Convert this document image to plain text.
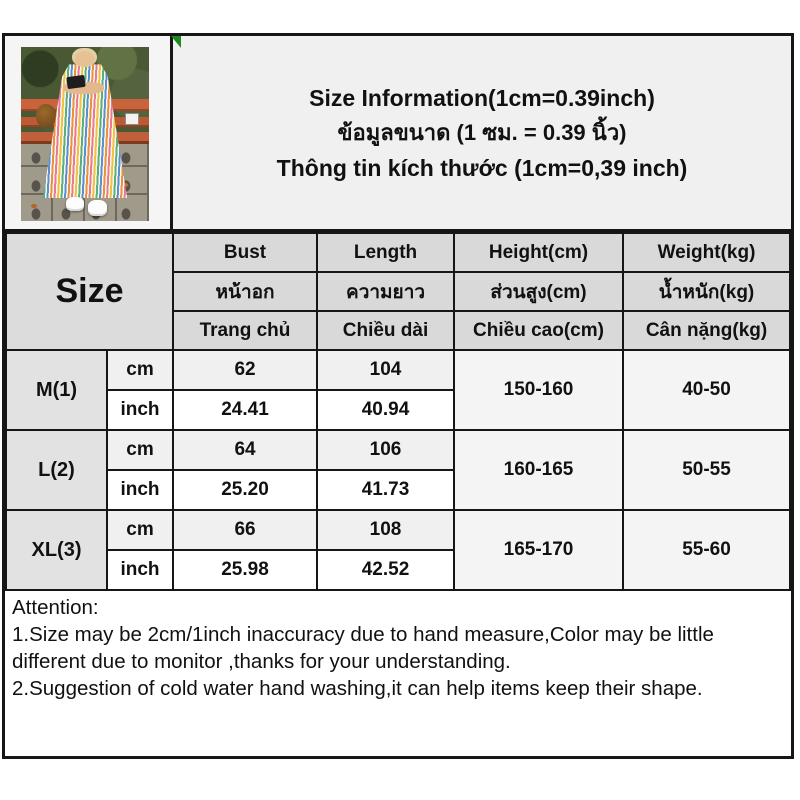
Size Information(1cm=0.39inch)
ข้อมูลขนาด (1 ซม. = 0.39 นิ้ว)
Thông tin kích thước (1cm=0,39 inch)
Size		Bust	Length	Height(cm)	Weight(kg)
		หน้าอก	ความยาว	ส่วนสูง(cm)	น้ำหนัก(kg)
		Trang chủ	Chiều dài	Chiều cao(cm)	Cân nặng(kg)
M(1)	cm	62	104	150-160	40-50
	inch	24.41	40.94		
L(2)	cm	64	106	160-165	50-55
	inch	25.20	41.73		
XL(3)	cm	66	108	165-170	55-60
	inch	25.98	42.52		
Attention:
1.Size may be 2cm/1inch inaccuracy due to hand measure,Color may be little different due to monitor ,thanks for your understanding.
2.Suggestion of cold water hand washing,it can help items keep their shape.
